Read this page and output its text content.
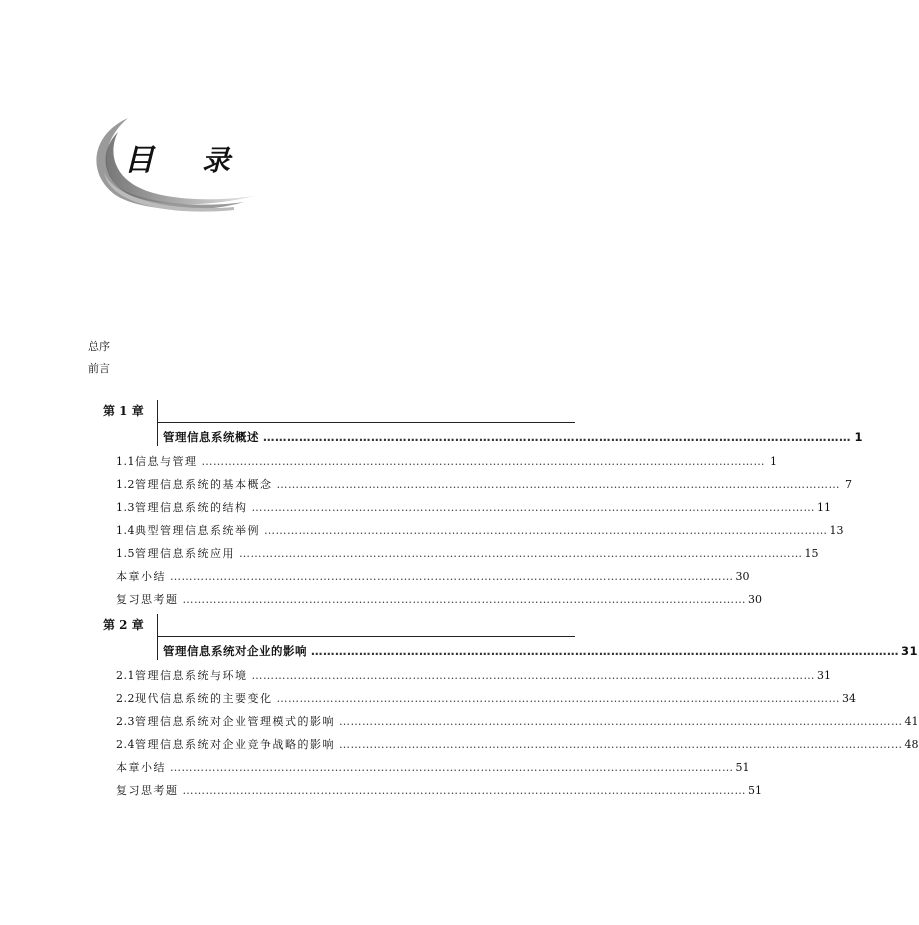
目 录
总序
前言
第 1 章
管理信息系统概述 ………………………………………………………………………………………………………………………………… 1
1.1 信息与管理 ………………………………………………………………………………………………………………………………… 1
1.2 管理信息系统的基本概念 ………………………………………………………………………………………………………………………………… 7
1.3 管理信息系统的结构 ………………………………………………………………………………………………………………………………… 11
1.4 典型管理信息系统举例 ………………………………………………………………………………………………………………………………… 13
1.5 管理信息系统应用 ………………………………………………………………………………………………………………………………… 15
本章小结 ………………………………………………………………………………………………………………………………… 30
复习思考题 ………………………………………………………………………………………………………………………………… 30
第 2 章
管理信息系统对企业的影响 ………………………………………………………………………………………………………………………………… 31
2.1 管理信息系统与环境 ………………………………………………………………………………………………………………………………… 31
2.2 现代信息系统的主要变化 ………………………………………………………………………………………………………………………………… 34
2.3 管理信息系统对企业管理模式的影响 ………………………………………………………………………………………………………………………………… 41
2.4 管理信息系统对企业竞争战略的影响 ………………………………………………………………………………………………………………………………… 48
本章小结 ………………………………………………………………………………………………………………………………… 51
复习思考题 ………………………………………………………………………………………………………………………………… 51
